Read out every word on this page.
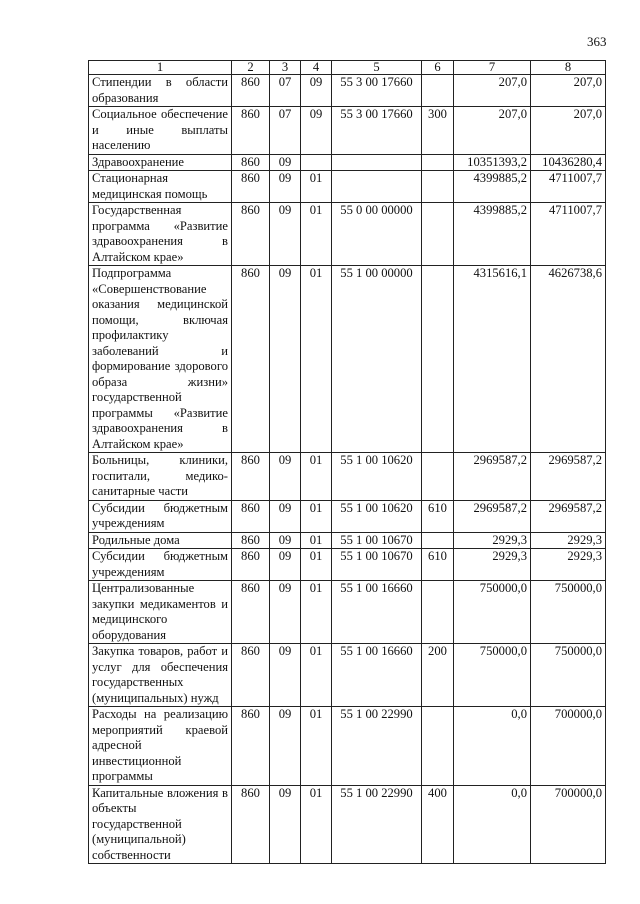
363
1	2	3	4	5	6	7	8
Стипендии в области образования	860	07	09	55 3 00 17660		207,0	207,0
Социальное обеспечение и иные выплаты населению	860	07	09	55 3 00 17660	300	207,0	207,0
Здравоохранение	860	09				10351393,2	10436280,4
Стационарная медицинская помощь	860	09	01			4399885,2	4711007,7
Государственная программа «Развитие здравоохранения в Алтайском крае»	860	09	01	55 0 00 00000		4399885,2	4711007,7
Подпрограмма «Совершенствование оказания медицинской помощи, включая профилактику заболеваний и формирование здорового образа жизни» государственной программы «Развитие здравоохранения в Алтайском крае»	860	09	01	55 1 00 00000		4315616,1	4626738,6
Больницы, клиники, госпитали, медико-санитарные части	860	09	01	55 1 00 10620		2969587,2	2969587,2
Субсидии бюджетным учреждениям	860	09	01	55 1 00 10620	610	2969587,2	2969587,2
Родильные дома	860	09	01	55 1 00 10670		2929,3	2929,3
Субсидии бюджетным учреждениям	860	09	01	55 1 00 10670	610	2929,3	2929,3
Централизованные закупки медикаментов и медицинского оборудования	860	09	01	55 1 00 16660		750000,0	750000,0
Закупка товаров, работ и услуг для обеспечения государственных (муниципальных) нужд	860	09	01	55 1 00 16660	200	750000,0	750000,0
Расходы на реализацию мероприятий краевой адресной инвестиционной программы	860	09	01	55 1 00 22990		0,0	700000,0
Капитальные вложения в объекты государственной (муниципальной) собственности	860	09	01	55 1 00 22990	400	0,0	700000,0
